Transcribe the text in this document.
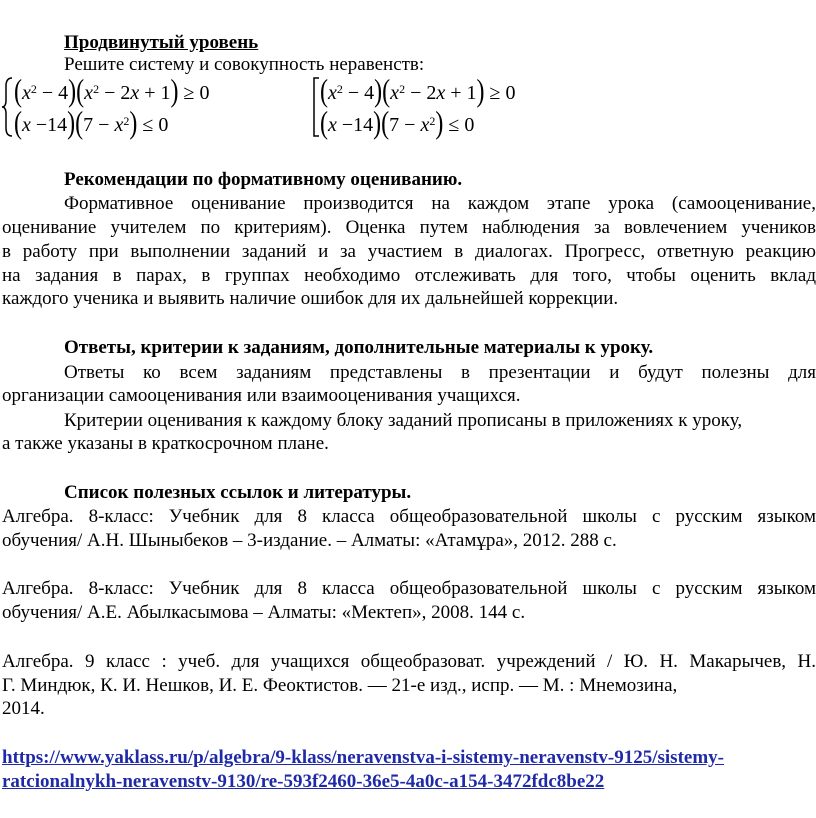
Продвинутый уровень
Решите систему и совокупность неравенств:
$(x^2 - 4)(x^2 - 2x + 1) \ge 0$
$(x -14)(7 - x^2) \le 0$
$(x^2 - 4)(x^2 - 2x + 1) \ge 0$
$(x -14)(7 - x^2) \le 0$
Рекомендации по формативному оцениванию.
Формативное оценивание производится на каждом этапе урока (самооценивание,
оценивание учителем по критериям). Оценка путем наблюдения за вовлечением учеников
в работу при выполнении заданий и за участием в диалогах. Прогресс, ответную реакцию
на задания в парах, в группах необходимо отслеживать для того, чтобы оценить вклад
каждого ученика и выявить наличие ошибок для их дальнейшей коррекции.
Ответы, критерии к заданиям, дополнительные материалы к уроку.
Ответы ко всем заданиям представлены в презентации и будут полезны для
организации самооценивания или взаимооценивания учащихся.
Критерии оценивания к каждому блоку заданий прописаны в приложениях к уроку,
а также указаны в краткосрочном плане.
Список полезных ссылок и литературы.
Алгебра. 8-класс: Учебник для 8 класса общеобразовательной школы с русским языком
обучения/ А.Н. Шыныбеков – 3-издание. – Алматы: «Атамұра», 2012. 288 с.
Алгебра. 8-класс: Учебник для 8 класса общеобразовательной школы с русским языком
обучения/ А.Е. Абылкасымова – Алматы: «Мектеп», 2008. 144 с.
Алгебра. 9 класс : учеб. для учащихся общеобразоват. учреждений / Ю. Н. Макарычев, Н.
Г. Миндюк, К. И. Нешков, И. Е. Феоктистов. — 21-е изд., испр. — М. : Мнемозина,
2014.
https://www.yaklass.ru/p/algebra/9-klass/neravenstva-i-sistemy-neravenstv-9125/sistemy-
ratcionalnykh-neravenstv-9130/re-593f2460-36e5-4a0c-a154-3472fdc8be22
